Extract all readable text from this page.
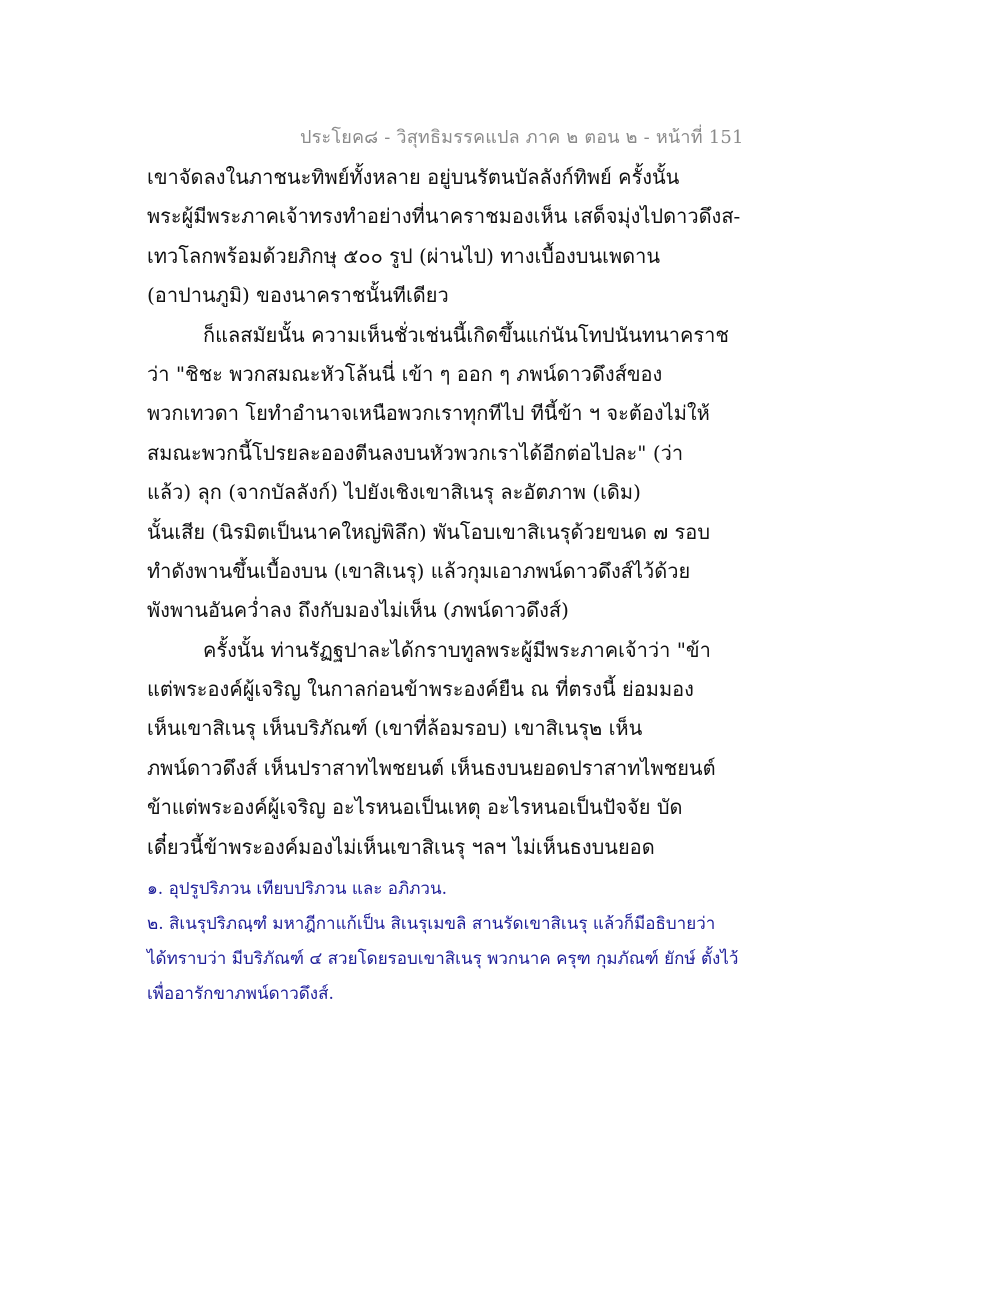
ประโยค๘ - วิสุทธิมรรคแปล ภาค ๒ ตอน ๒ - หน้าที่ 151
เขาจัดลงในภาชนะทิพย์ทั้งหลาย อยู่บนรัตนบัลลังก์ทิพย์ ครั้งนั้น
พระผู้มีพระภาคเจ้าทรงทำอย่างที่นาคราชมองเห็น เสด็จมุ่งไปดาวดึงส-
เทวโลกพร้อมด้วยภิกษุ ๕๐๐ รูป (ผ่านไป) ทางเบื้องบนเพดาน
(อาปานภูมิ) ของนาคราชนั้นทีเดียว
ก็แลสมัยนั้น ความเห็นชั่วเช่นนี้เกิดขึ้นแก่นันโทปนันทนาคราช
ว่า "ชิชะ พวกสมณะหัวโล้นนี่ เข้า ๆ ออก ๆ ภพน์ดาวดึงส์ของ
พวกเทวดา โยทำอำนาจเหนือพวกเราทุกทีไป ทีนี้ข้า ฯ จะต้องไม่ให้
สมณะพวกนี้โปรยละอองตีนลงบนหัวพวกเราได้อีกต่อไปละ" (ว่า
แล้ว) ลุก (จากบัลลังก์) ไปยังเชิงเขาสิเนรุ ละอัตภาพ (เดิม)
นั้นเสีย (นิรมิตเป็นนาคใหญ่พิลึก) พันโอบเขาสิเนรุด้วยขนด ๗ รอบ
ทำดังพานขึ้นเบื้องบน (เขาสิเนรุ) แล้วกุมเอาภพน์ดาวดึงส์ไว้ด้วย
พังพานอันคว่ำลง ถึงกับมองไม่เห็น (ภพน์ดาวดึงส์)
ครั้งนั้น ท่านรัฏฐปาละได้กราบทูลพระผู้มีพระภาคเจ้าว่า "ข้า
แต่พระองค์ผู้เจริญ ในกาลก่อนข้าพระองค์ยืน ณ ที่ตรงนี้ ย่อมมอง
เห็นเขาสิเนรุ เห็นบริภัณฑ์ (เขาที่ล้อมรอบ) เขาสิเนรุ๒ เห็น
ภพน์ดาวดึงส์ เห็นปราสาทไพชยนต์ เห็นธงบนยอดปราสาทไพชยนต์
ข้าแต่พระองค์ผู้เจริญ อะไรหนอเป็นเหตุ อะไรหนอเป็นปัจจัย บัด
เดี๋ยวนี้ข้าพระองค์มองไม่เห็นเขาสิเนรุ ฯลฯ ไม่เห็นธงบนยอด
๑. อุปรูปริภวน เทียบปริภวน และ อภิภวน.
๒. สิเนรุปริภณฺฑํ มหาฎีกาแก้เป็น สิเนรุเมขลิ สานรัดเขาสิเนรุ แล้วก็มีอธิบายว่า
ได้ทราบว่า มีบริภัณฑ์ ๔ สวยโดยรอบเขาสิเนรุ พวกนาค ครุฑ กุมภัณฑ์ ยักษ์ ตั้งไว้
เพื่ออารักขาภพน์ดาวดึงส์.
